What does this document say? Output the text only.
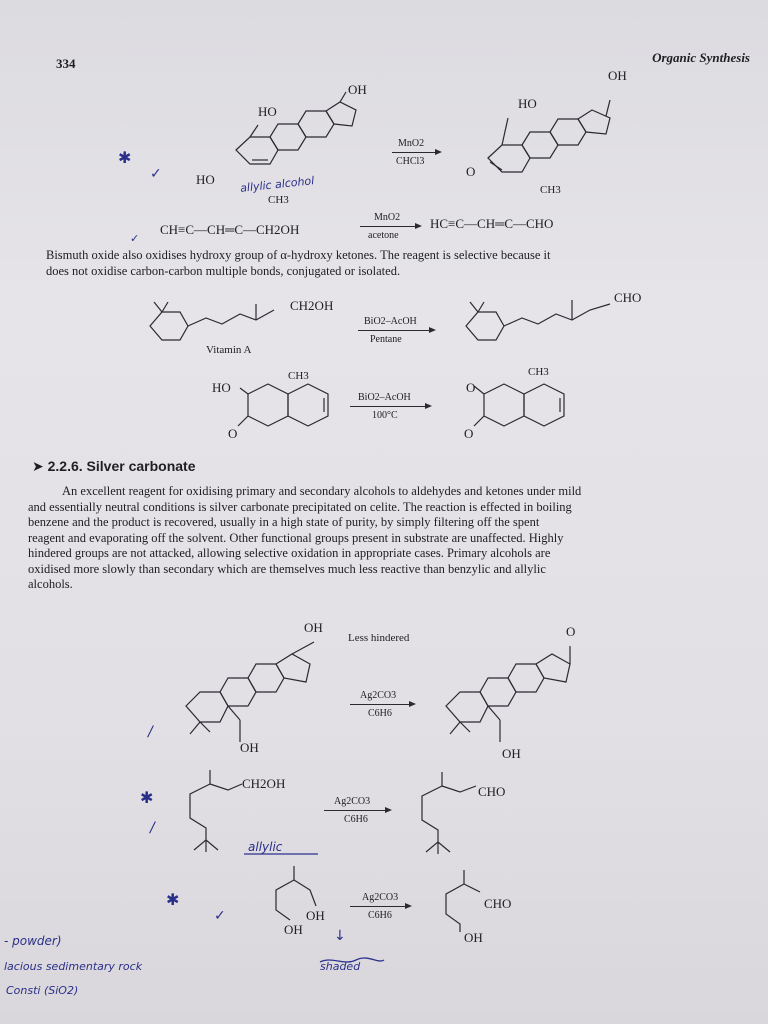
334	Organic Synthesis
OH
HO
HO
MnO2
CHCl3
OH
HO
O
✱
✓
allylic alcohol
CH3
CH≡C—CH═C—CH2OH
MnO2
acetone
CH3
HC≡C—CH═C—CHO
✓
Bismuth oxide also oxidises hydroxy group of α-hydroxy ketones. The reagent is selective because it
does not oxidise carbon-carbon multiple bonds, conjugated or isolated.
CH2OH
Vitamin A
BiO2–AcOH
Pentane
CHO
HO
O
CH3
BiO2–AcOH
100°C
O
O
CH3
➤ 2.2.6. Silver carbonate
An excellent reagent for oxidising primary and secondary alcohols to aldehydes and ketones under mild
and essentially neutral conditions is silver carbonate precipitated on celite. The reaction is effected in boiling
benzene and the product is recovered, usually in a high state of purity, by simply filtering off the spent
reagent and evaporating off the solvent. Other functional groups present in substrate are unaffected. Highly
hindered groups are not attacked, allowing selective oxidation in appropriate cases. Primary alcohols are
oxidised more slowly than secondary which are themselves much less reactive than benzylic and allylic
alcohols.
OH
Less hindered
OH
Ag2CO3
C6H6
O
OH
/
CH2OH
Ag2CO3
C6H6
CHO
✱
/
allylic
OH
OH
Ag2CO3
C6H6
CHO
OH
✱
✓
↓
- powder)
lacious sedimentary rock
Consti (SiO2)
shaded
